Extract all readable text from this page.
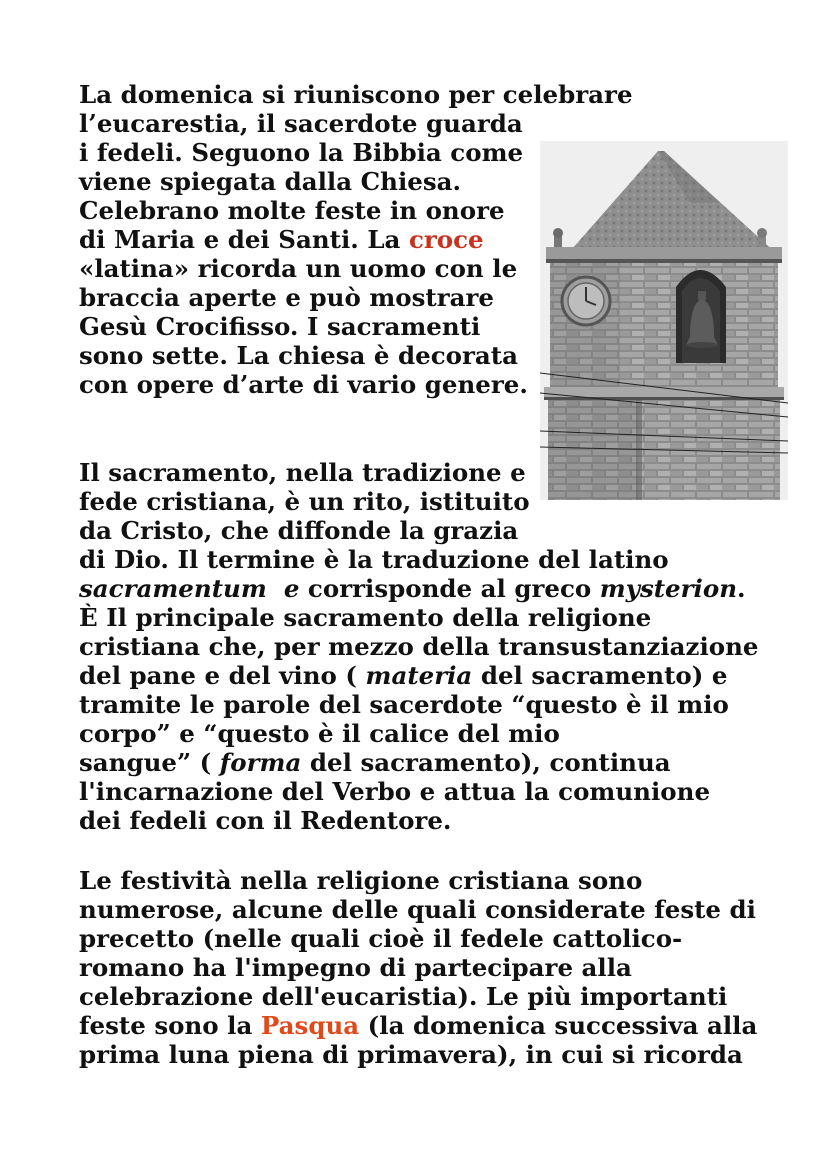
La domenica si riuniscono per celebrare
l’eucarestia, il sacerdote guarda
i fedeli. Seguono la Bibbia come
viene spiegata dalla Chiesa.
Celebrano molte feste in onore
di Maria e dei Santi. La croce
«latina» ricorda un uomo con le
braccia aperte e può mostrare
Gesù Crocifisso. I sacramenti
sono sette. La chiesa è decorata
con opere d’arte di vario genere.
Il sacramento, nella tradizione e
fede cristiana, è un rito, istituito
da Cristo, che diffonde la grazia
di Dio. Il termine è la traduzione del latino
sacramentum e corrisponde al greco mysterion.
È Il principale sacramento della religione
cristiana che, per mezzo della transustanziazione
del pane e del vino ( materia del sacramento) e
tramite le parole del sacerdote “questo è il mio
corpo” e “questo è il calice del mio
sangue” ( forma del sacramento), continua
l'incarnazione del Verbo e attua la comunione
dei fedeli con il Redentore.
Le festività nella religione cristiana sono
numerose, alcune delle quali considerate feste di
precetto (nelle quali cioè il fedele cattolico-
romano ha l'impegno di partecipare alla
celebrazione dell'eucaristia). Le più importanti
feste sono la Pasqua (la domenica successiva alla
prima luna piena di primavera), in cui si ricorda
